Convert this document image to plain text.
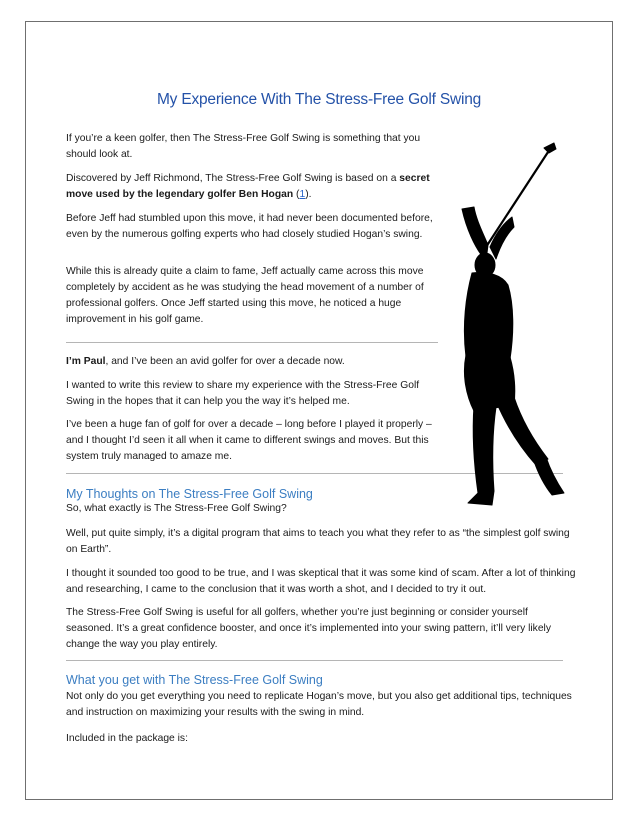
My Experience With The Stress-Free Golf Swing

If you’re a keen golfer, then The Stress-Free Golf Swing is something that you should look at.

Discovered by Jeff Richmond, The Stress-Free Golf Swing is based on a secret move used by the legendary golfer Ben Hogan (1).

Before Jeff had stumbled upon this move, it had never been documented before, even by the numerous golfing experts who had closely studied Hogan’s swing.

While this is already quite a claim to fame, Jeff actually came across this move completely by accident as he was studying the head movement of a number of professional golfers. Once Jeff started using this move, he noticed a huge improvement in his golf game.

I’m Paul, and I’ve been an avid golfer for over a decade now.

I wanted to write this review to share my experience with the Stress-Free Golf Swing in the hopes that it can help you the way it’s helped me.

I’ve been a huge fan of golf for over a decade – long before I played it properly – and I thought I’d seen it all when it came to different swings and moves. But this system truly managed to amaze me.

My Thoughts on The Stress-Free Golf Swing

So, what exactly is The Stress-Free Golf Swing?

Well, put quite simply, it’s a digital program that aims to teach you what they refer to as “the simplest golf swing on Earth”.

I thought it sounded too good to be true, and I was skeptical that it was some kind of scam. After a lot of thinking and researching, I came to the conclusion that it was worth a shot, and I decided to try it out.

The Stress-Free Golf Swing is useful for all golfers, whether you’re just beginning or consider yourself seasoned. It’s a great confidence booster, and once it’s implemented into your swing pattern, it’ll very likely change the way you play entirely.

What you get with The Stress-Free Golf Swing

Not only do you get everything you need to replicate Hogan’s move, but you also get additional tips, techniques and instruction on maximizing your results with the swing in mind.

Included in the package is:
